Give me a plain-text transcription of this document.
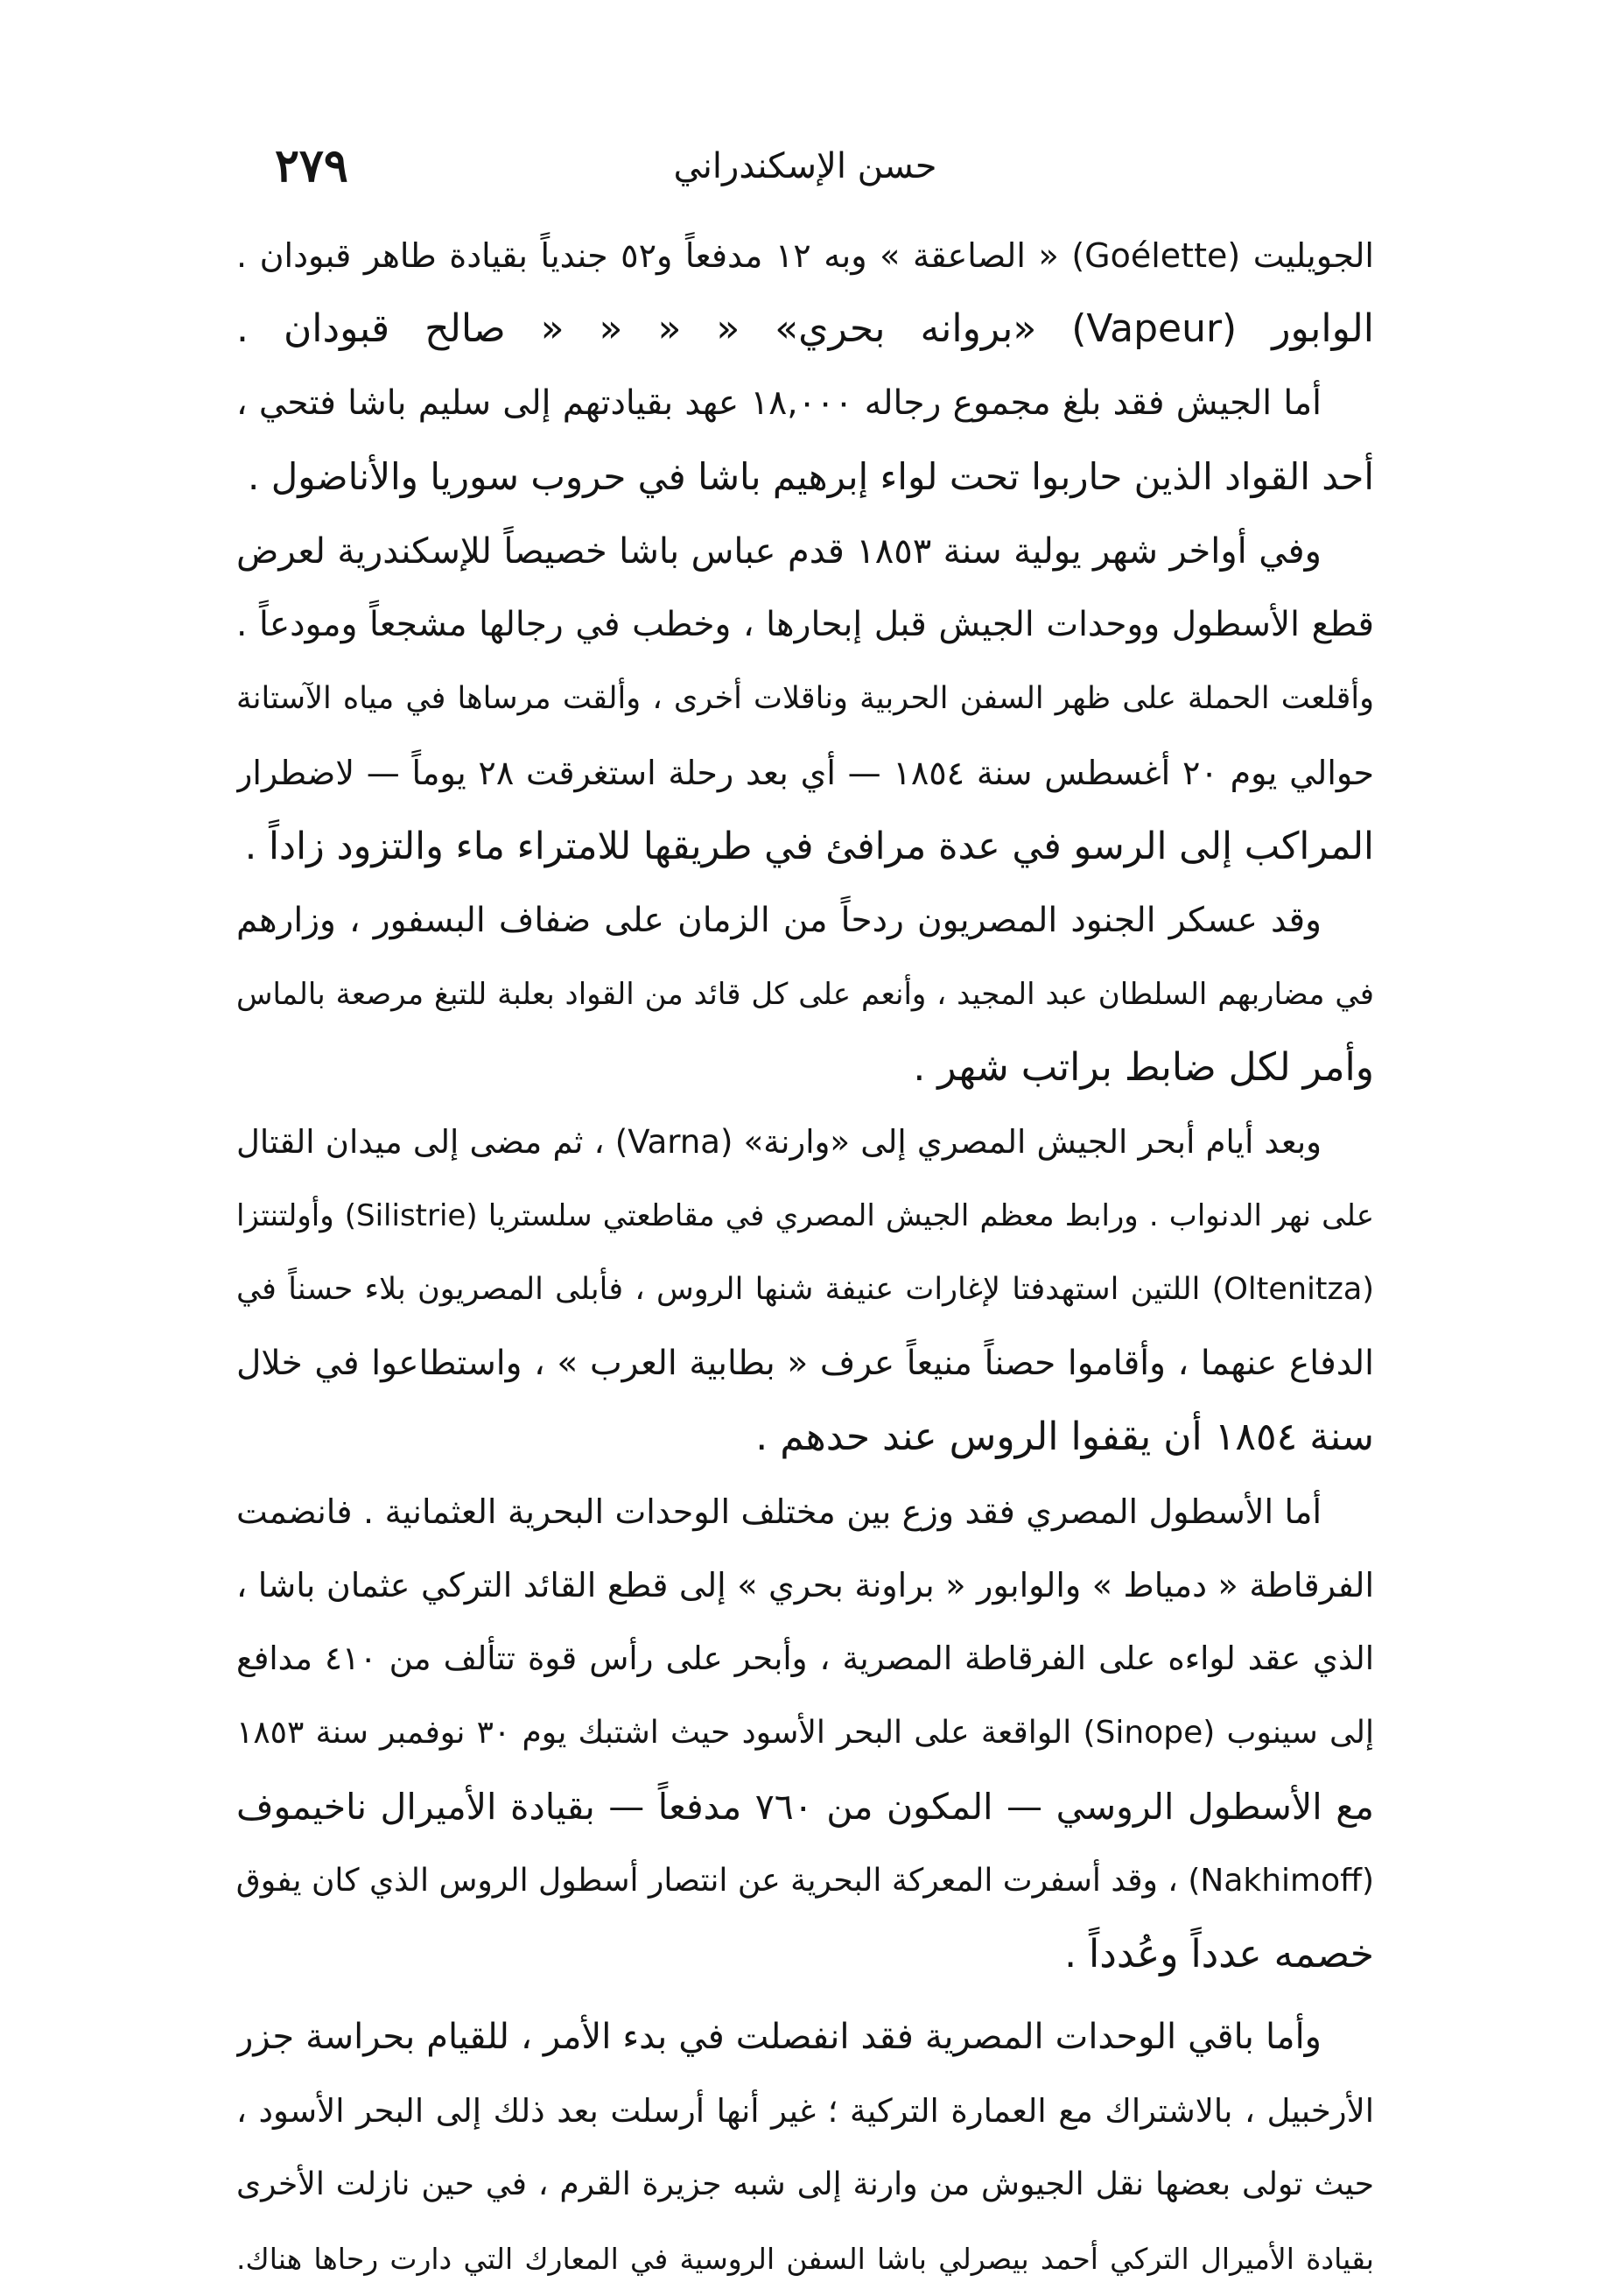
حسن الإسكندراني
٢٧٩
الجويليت (Goélette) « الصاعقة » وبه ١٢ مدفعاً و٥٢ جندياً بقيادة طاهر قبودان .
الوابور (Vapeur) «بروانه بحري» « « « « صالح قبودان .
أما الجيش فقد بلغ مجموع رجاله ١٨,٠٠٠ عهد بقيادتهم إلى سليم باشا فتحي ،
أحد القواد الذين حاربوا تحت لواء إبرهيم باشا في حروب سوريا والأناضول .
وفي أواخر شهر يولية سنة ١٨٥٣ قدم عباس باشا خصيصاً للإسكندرية لعرض
قطع الأسطول ووحدات الجيش قبل إبحارها ، وخطب في رجالها مشجعاً ومودعاً .
وأقلعت الحملة على ظهر السفن الحربية وناقلات أخرى ، وألقت مرساها في مياه الآستانة
حوالي يوم ٢٠ أغسطس سنة ١٨٥٤ — أي بعد رحلة استغرقت ٢٨ يوماً — لاضطرار
المراكب إلى الرسو في عدة مرافئ في طريقها للامتراء ماء والتزود زاداً .
وقد عسكر الجنود المصريون ردحاً من الزمان على ضفاف البسفور ، وزارهم
في مضاربهم السلطان عبد المجيد ، وأنعم على كل قائد من القواد بعلبة للتبغ مرصعة بالماس
وأمر لكل ضابط براتب شهر .
وبعد أيام أبحر الجيش المصري إلى «وارنة» (Varna) ، ثم مضى إلى ميدان القتال
على نهر الدنواب . ورابط معظم الجيش المصري في مقاطعتي سلستريا (Silistrie) وأولتنتزا
(Oltenitza) اللتين استهدفتا لإغارات عنيفة شنها الروس ، فأبلى المصريون بلاء حسناً في
الدفاع عنهما ، وأقاموا حصناً منيعاً عرف « بطابية العرب » ، واستطاعوا في خلال
سنة ١٨٥٤ أن يقفوا الروس عند حدهم .
أما الأسطول المصري فقد وزع بين مختلف الوحدات البحرية العثمانية . فانضمت
الفرقاطة « دمياط » والوابور « براونة بحري » إلى قطع القائد التركي عثمان باشا ،
الذي عقد لواءه على الفرقاطة المصرية ، وأبحر على رأس قوة تتألف من ٤١٠ مدافع
إلى سينوب (Sinope) الواقعة على البحر الأسود حيث اشتبك يوم ٣٠ نوفمبر سنة ١٨٥٣
مع الأسطول الروسي — المكون من ٧٦٠ مدفعاً — بقيادة الأميرال ناخيموف
(Nakhimoff) ، وقد أسفرت المعركة البحرية عن انتصار أسطول الروس الذي كان يفوق
خصمه عدداً وعُدداً .
وأما باقي الوحدات المصرية فقد انفصلت في بدء الأمر ، للقيام بحراسة جزر
الأرخبيل ، بالاشتراك مع العمارة التركية ؛ غير أنها أرسلت بعد ذلك إلى البحر الأسود ،
حيث تولى بعضها نقل الجيوش من وارنة إلى شبه جزيرة القرم ، في حين نازلت الأخرى
بقيادة الأميرال التركي أحمد بيصرلي باشا السفن الروسية في المعارك التي دارت رحاها هناك.
